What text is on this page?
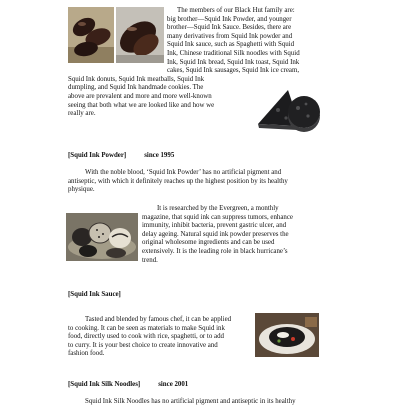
The members of our Black Hut family are:

big brother—Squid Ink Powder, and younger

brother—Squid Ink Sauce. Besides, there are

many derivatives from Squid Ink powder and

Squid Ink sauce, such as Spaghetti with Squid

Ink, Chinese traditional Silk noodles with Squid

Ink, Squid Ink bread, Squid Ink toast, Squid Ink

cakes, Squid Ink sausages, Squid Ink ice cream,

Squid Ink donuts, Squid Ink meatballs, Squid Ink

dumpling, and Squid Ink handmade cookies. The

above are prevalent and more and more well-known

seeing that both what we are looked like and how we

really are.

[Squid Ink Powder]	since 1995

With the noble blood, ‘Squid Ink Powder’ has no artificial pigment and

antiseptic, with which it definitely reaches up the highest position by its healthy

physique.

It is researched by the Evergreen, a monthly

magazine, that squid ink can suppress tumors, enhance

immunity, inhibit bacteria, prevent gastric ulcer, and

delay ageing. Natural squid ink powder preserves the

original wholesome ingredients and can be used

extensively. It is the leading role in black hurricane’s

trend.

[Squid Ink Sauce]

Tasted and blended by famous chef, it can be applied

to cooking. It can be seen as materials to make Squid ink

food, directly used to cook with rice, spaghetti, or to add

to curry. It is your best choice to create innovative and

fashion food.

[Squid Ink Silk Noodles]	since 2001

Squid Ink Silk Noodles has no artificial pigment and antiseptic in its healthy
